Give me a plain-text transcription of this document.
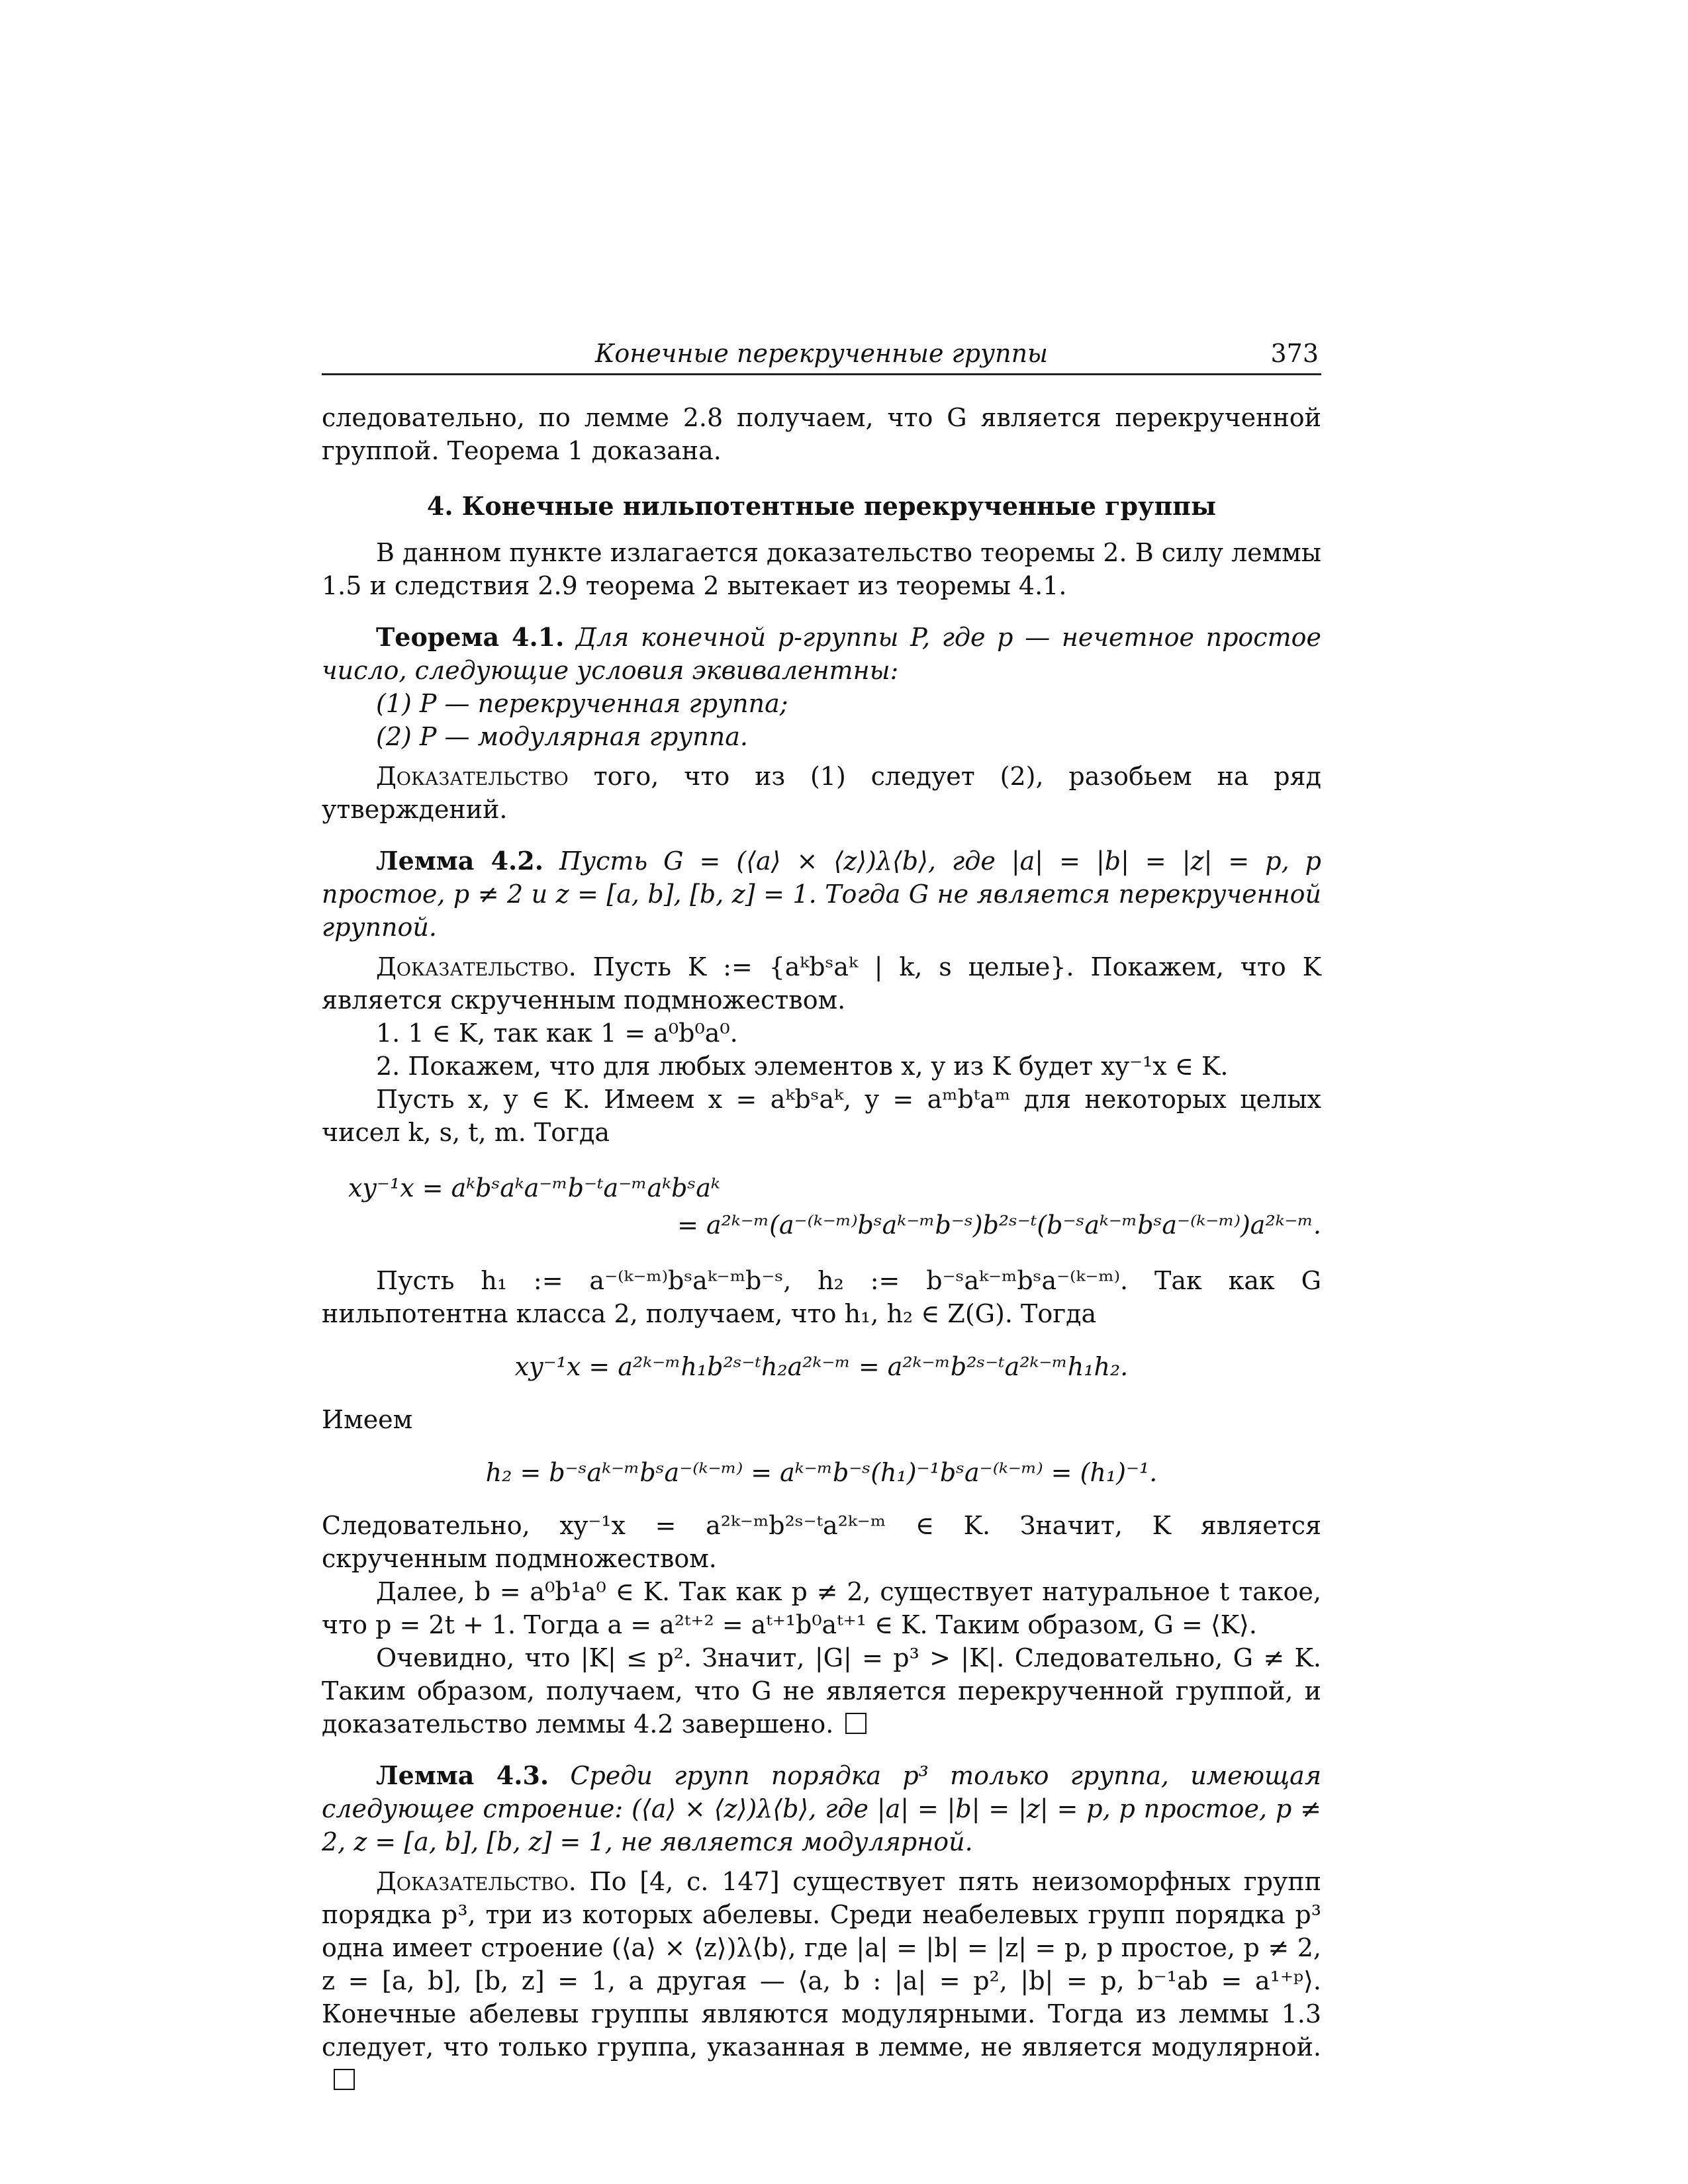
Конечные перекрученные группы	373

следовательно, по лемме 2.8 получаем, что G является перекрученной группой. Теорема 1 доказана.

4. Конечные нильпотентные перекрученные группы

В данном пункте излагается доказательство теоремы 2. В силу леммы 1.5 и следствия 2.9 теорема 2 вытекает из теоремы 4.1.

Теорема 4.1. Для конечной p-группы P, где p — нечетное простое число, следующие условия эквивалентны:

(1) P — перекрученная группа;

(2) P — модулярная группа.

Доказательство того, что из (1) следует (2), разобьем на ряд утверждений.

Лемма 4.2. Пусть G = (⟨a⟩ × ⟨z⟩)λ⟨b⟩, где |a| = |b| = |z| = p, p простое, p ≠ 2 и z = [a, b], [b, z] = 1. Тогда G не является перекрученной группой.

Доказательство. Пусть K := {aᵏbˢaᵏ | k, s целые}. Покажем, что K является скрученным подмножеством.

1. 1 ∈ K, так как 1 = a⁰b⁰a⁰.

2. Покажем, что для любых элементов x, y из K будет xy⁻¹x ∈ K.

Пусть x, y ∈ K. Имеем x = aᵏbˢaᵏ, y = aᵐbᵗaᵐ для некоторых целых чисел k, s, t, m. Тогда

xy⁻¹x = aᵏbˢaᵏa⁻ᵐb⁻ᵗa⁻ᵐaᵏbˢaᵏ

= a²ᵏ⁻ᵐ(a⁻⁽ᵏ⁻ᵐ⁾bˢaᵏ⁻ᵐb⁻ˢ)b²ˢ⁻ᵗ(b⁻ˢaᵏ⁻ᵐbˢa⁻⁽ᵏ⁻ᵐ⁾)a²ᵏ⁻ᵐ.

Пусть h₁ := a⁻⁽ᵏ⁻ᵐ⁾bˢaᵏ⁻ᵐb⁻ˢ, h₂ := b⁻ˢaᵏ⁻ᵐbˢa⁻⁽ᵏ⁻ᵐ⁾. Так как G нильпотентна класса 2, получаем, что h₁, h₂ ∈ Z(G). Тогда

xy⁻¹x = a²ᵏ⁻ᵐh₁b²ˢ⁻ᵗh₂a²ᵏ⁻ᵐ = a²ᵏ⁻ᵐb²ˢ⁻ᵗa²ᵏ⁻ᵐh₁h₂.

Имеем

h₂ = b⁻ˢaᵏ⁻ᵐbˢa⁻⁽ᵏ⁻ᵐ⁾ = aᵏ⁻ᵐb⁻ˢ(h₁)⁻¹bˢa⁻⁽ᵏ⁻ᵐ⁾ = (h₁)⁻¹.

Следовательно, xy⁻¹x = a²ᵏ⁻ᵐb²ˢ⁻ᵗa²ᵏ⁻ᵐ ∈ K. Значит, K является скрученным подмножеством.

Далее, b = a⁰b¹a⁰ ∈ K. Так как p ≠ 2, существует натуральное t такое, что p = 2t + 1. Тогда a = a²ᵗ⁺² = aᵗ⁺¹b⁰aᵗ⁺¹ ∈ K. Таким образом, G = ⟨K⟩.

Очевидно, что |K| ≤ p². Значит, |G| = p³ > |K|. Следовательно, G ≠ K. Таким образом, получаем, что G не является перекрученной группой, и доказательство леммы 4.2 завершено.

Лемма 4.3. Среди групп порядка p³ только группа, имеющая следующее строение: (⟨a⟩ × ⟨z⟩)λ⟨b⟩, где |a| = |b| = |z| = p, p простое, p ≠ 2, z = [a, b], [b, z] = 1, не является модулярной.

Доказательство. По [4, с. 147] существует пять неизоморфных групп порядка p³, три из которых абелевы. Среди неабелевых групп порядка p³ одна имеет строение (⟨a⟩ × ⟨z⟩)λ⟨b⟩, где |a| = |b| = |z| = p, p простое, p ≠ 2, z = [a, b], [b, z] = 1, а другая — ⟨a, b : |a| = p², |b| = p, b⁻¹ab = a¹⁺ᵖ⟩. Конечные абелевы группы являются модулярными. Тогда из леммы 1.3 следует, что только группа, указанная в лемме, не является модулярной.
